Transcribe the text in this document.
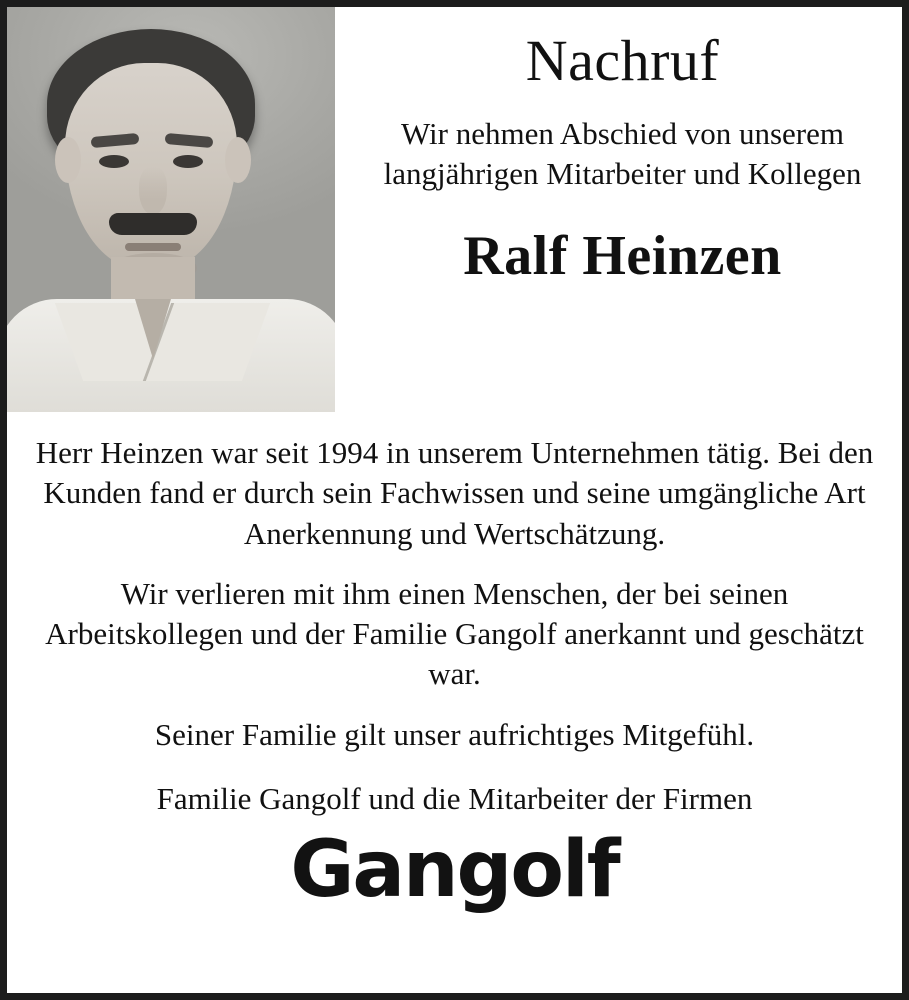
Nachruf
Wir nehmen Abschied von unserem langjährigen Mitarbeiter und Kollegen
Ralf Heinzen

Herr Heinzen war seit 1994 in unserem Unternehmen tätig. Bei den Kunden fand er durch sein Fachwissen und seine umgängliche Art Anerkennung und Wertschätzung.

Wir verlieren mit ihm einen Menschen, der bei seinen Arbeitskollegen und der Familie Gangolf anerkannt und geschätzt war.

Seiner Familie gilt unser aufrichtiges Mitgefühl.

Familie Gangolf und die Mitarbeiter der Firmen

Gangolf
